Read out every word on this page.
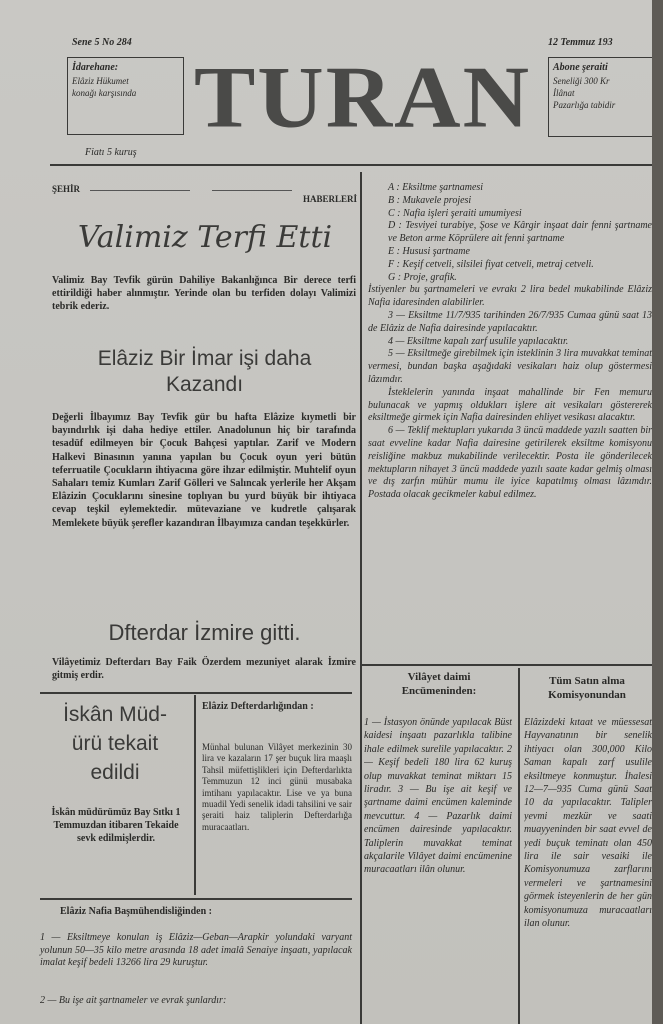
Sene 5 No 284	12 Temmuz 193
İdarehane:
Elâziz Hükumet
konağı karşısında TURAN	Abone şeraiti
Seneliği 300 Kr
İlânat
Pazarlığa tabidir
Fiatı 5 kuruş
ŞEHİR
HABERLERİ
Valimiz Terfi Etti
Valimiz Bay Tevfik gürün Dahiliye Bakanlığınca Bir derece terfi ettirildiği haber alınmıştır. Yerinde olan bu terfiden dolayı Valimizi tebrik ederiz.
Elâziz Bir İmar işi daha
Kazandı
Değerli İlbayımız Bay Tevfik gür bu hafta Elâzize kıymetli bir bayındırlık işi daha hediye ettiler. Anadolunun hiç bir tarafında tesadüf edilmeyen bir Çocuk Bahçesi yaptılar. Zarif ve Modern Halkevi Binasının yanına yapılan bu Çocuk oyun yeri bütün teferruatile Çocukların ihtiyacına göre ihzar edilmiştir. Muhtelif oyun Sahaları temiz Kumları Zarif Gölleri ve Salıncak yerlerile her Akşam Elâzizin Çocuklarını sinesine toplıyan bu yurd büyük bir ihtiyaca cevap teşkil eylemektedir. mütevaziane ve kudretle çalışarak Memlekete büyük şerefler kazandıran İlbayımıza candan teşekkürler.
Dfterdar İzmire gitti.
Vilâyetimiz Defterdarı Bay Faik Özerdem mezuniyet alarak İzmire gitmiş erdir.
İskân Müd-
ürü tekait
edildi
İskân müdürümüz Bay Sıtkı 1 Temmuzdan itibaren Tekaide sevk edilmişlerdir.
Elâziz Defterdarlığından :
Münhal bulunan Vilâyet merkezinin 30 lira ve kazaların 17 şer buçuk lira maaşlı Tahsil müfettişlikleri için Defterdarlıkta Temmuzun 12 inci günü musabaka imtihanı yapılacaktır. Lise ve ya buna muadil Yedi senelik idadi tahsilini ve sair şeraiti haiz taliplerin Defterdarlığa muracaatları.
Elâziz Nafia Başmühendisliğinden :
1 — Eksiltmeye konulan iş Elâziz—Geban—Arapkir yolundaki varyant yolunun 50—35 kilo metre arasında 18 adet imalâ Senaiye inşaatı, yapılacak imalat keşif bedeli 13266 lira 29 kuruştur.
2 — Bu işe ait şartnameler ve evrak şunlardır:

A : Eksiltme şartnamesi

B : Mukavele projesi

C : Nafia işleri şeraiti umumiyesi

D : Tesviyei turabiye, Şose ve Kârgir inşaat dair fenni şartname ve Beton arme Köprülere ait fenni şartname

E : Hususi şartname

F : Keşif cetveli, silsilei fiyat cetveli, metraj cetveli.

G : Proje, grafik.

İstiyenler bu şartnameleri ve evrakı 2 lira bedel mukabilinde Elâziz Nafia idaresinden alabilirler.

3 — Eksiltme 11/7/935 tarihinden 26/7/935 Cumaa günü saat 13 de Elâziz de Nafia dairesinde yapılacaktır.

4 — Eksiltme kapalı zarf usulile yapılacaktır.

5 — Eksiltmeğe girebilmek için isteklinin 3 lira muvakkat teminat vermesi, bundan başka aşağıdaki vesikaları haiz olup göstermesi lâzımdır.

İsteklelerin yanında inşaat mahallinde bir Fen memuru bulunacak ve yapmış oldukları işlere ait vesikaları göstererek eksiltmeğe girmek için Nafia dairesinden ehliyet vesikası alacaktır.

6 — Teklif mektupları yukarıda 3 üncü maddede yazılı saatten bir saat evveline kadar Nafia dairesine getirilerek eksiltme komisyonu reisliğine makbuz mukabilinde verilecektir. Posta ile gönderilecek mektupların nihayet 3 üncü maddede yazılı saate kadar gelmiş olması ve dış zarfın mühür mumu ile iyice kapatılmış olması lâzımdır. Postada olacak gecikmeler kabul edilmez.

Vilâyet daimi
Encümeninden:
1 — İstasyon önünde yapılacak Büst kaidesi inşaatı pazarlıkla talibine ihale edilmek surelile yapılacaktır. 2 — Keşif bedeli 180 lira 62 kuruş olup muvakkat teminat miktarı 15 liradır. 3 — Bu işe ait keşif ve şartname daimi encümen kaleminde mevcuttur. 4 — Pazarlık daimi encümen dairesinde yapılacaktır. Taliplerin muvakkat teminat akçalarile Vilâyet daimi encümenine muracaatları ilân olunur.
Tüm Satın alma
Komisyonundan
Elâzizdeki kıtaat ve müessesat Hayvanatının bir senelik ihtiyacı olan 300,000 Kilo Saman kapalı zarf usulile eksiltmeye konmuştur. İhalesi 12—7—935 Cuma günü Saat 10 da yapılacaktır. Talipler yevmi mezkür ve saati muayyeninden bir saat evvel de yedi buçuk teminatı olan 450 lira ile sair vesaiki ile Komisyonumuza zarflarını vermeleri ve şartnamesini görmek isteyenlerin de her gün komisyonumuza muracaatları ilan olunur.
